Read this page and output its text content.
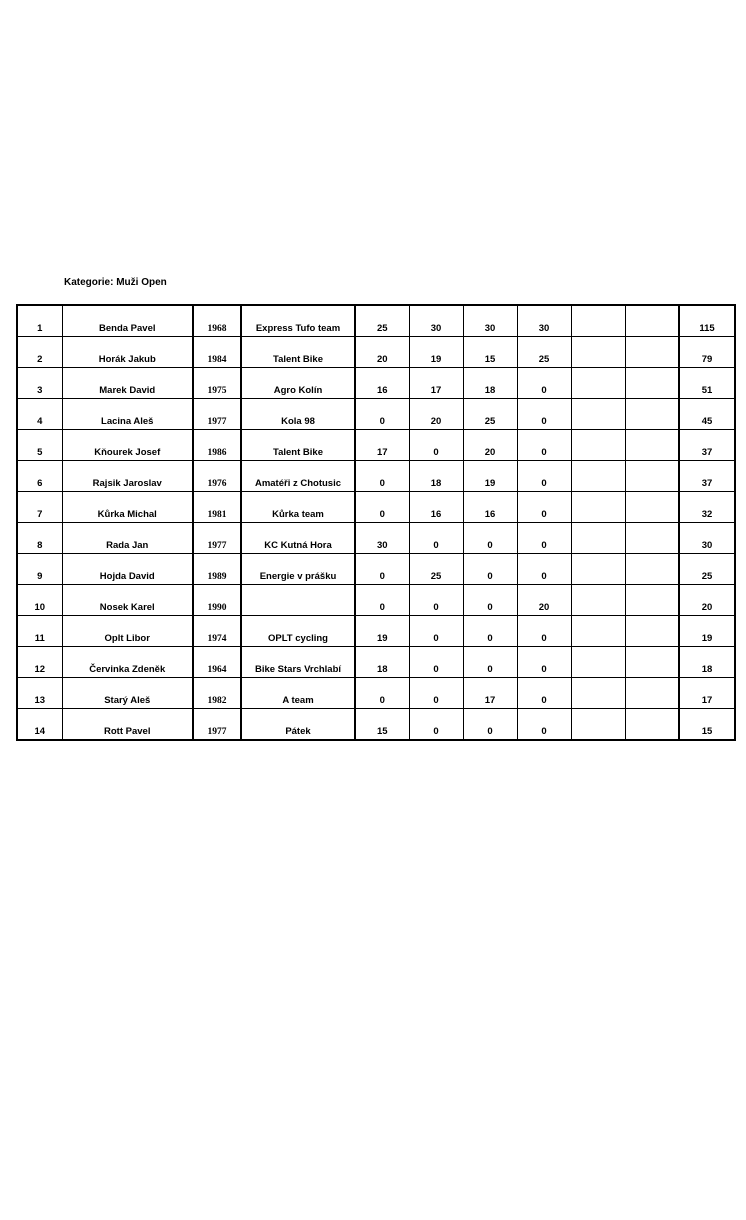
Kategorie: Muži Open
1	Benda Pavel	1968	Express Tufo team	25	30	30	30			115
2	Horák Jakub	1984	Talent Bike	20	19	15	25			79
3	Marek David	1975	Agro Kolín	16	17	18	0			51
4	Lacina Aleš	1977	Kola 98	0	20	25	0			45
5	Kňourek Josef	1986	Talent Bike	17	0	20	0			37
6	Rajsik Jaroslav	1976	Amatéři z Chotusic	0	18	19	0			37
7	Kůrka Michal	1981	Kůrka team	0	16	16	0			32
8	Rada Jan	1977	KC Kutná Hora	30	0	0	0			30
9	Hojda David	1989	Energie v prášku	0	25	0	0			25
10	Nosek Karel	1990		0	0	0	20			20
11	Oplt Libor	1974	OPLT cycling	19	0	0	0			19
12	Červinka Zdeněk	1964	Bike Stars Vrchlabí	18	0	0	0			18
13	Starý Aleš	1982	A team	0	0	17	0			17
14	Rott Pavel	1977	Pátek	15	0	0	0			15
